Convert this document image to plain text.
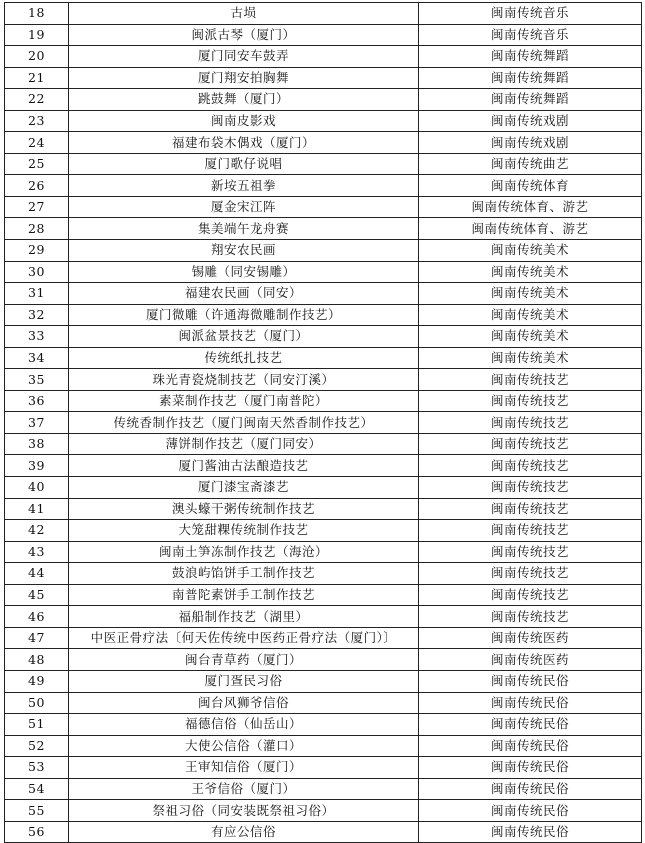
18	古埙	闽南传统音乐
19	闽派古琴（厦门）	闽南传统音乐
20	厦门同安车鼓弄	闽南传统舞蹈
21	厦门翔安拍胸舞	闽南传统舞蹈
22	跳鼓舞（厦门）	闽南传统舞蹈
23	闽南皮影戏	闽南传统戏剧
24	福建布袋木偶戏（厦门）	闽南传统戏剧
25	厦门歌仔说唱	闽南传统曲艺
26	新垵五祖拳	闽南传统体育
27	厦金宋江阵	闽南传统体育、游艺
28	集美端午龙舟赛	闽南传统体育、游艺
29	翔安农民画	闽南传统美术
30	锡雕（同安锡雕）	闽南传统美术
31	福建农民画（同安）	闽南传统美术
32	厦门微雕（许通海微雕制作技艺）	闽南传统美术
33	闽派盆景技艺（厦门）	闽南传统美术
34	传统纸扎技艺	闽南传统美术
35	珠光青瓷烧制技艺（同安汀溪）	闽南传统技艺
36	素菜制作技艺（厦门南普陀）	闽南传统技艺
37	传统香制作技艺（厦门闽南天然香制作技艺）	闽南传统技艺
38	薄饼制作技艺（厦门同安）	闽南传统技艺
39	厦门酱油古法酿造技艺	闽南传统技艺
40	厦门漆宝斋漆艺	闽南传统技艺
41	澳头蠔干粥传统制作技艺	闽南传统技艺
42	大笼甜粿传统制作技艺	闽南传统技艺
43	闽南土笋冻制作技艺（海沧）	闽南传统技艺
44	鼓浪屿馅饼手工制作技艺	闽南传统技艺
45	南普陀素饼手工制作技艺	闽南传统技艺
46	福船制作技艺（湖里）	闽南传统技艺
47	中医正骨疗法〔何天佐传统中医药正骨疗法（厦门）〕	闽南传统医药
48	闽台青草药（厦门）	闽南传统医药
49	厦门疍民习俗	闽南传统民俗
50	闽台风狮爷信俗	闽南传统民俗
51	福德信俗（仙岳山）	闽南传统民俗
52	大使公信俗（灌口）	闽南传统民俗
53	王审知信俗（厦门）	闽南传统民俗
54	王爷信俗（厦门）	闽南传统民俗
55	祭祖习俗（同安装既祭祖习俗）	闽南传统民俗
56	有应公信俗	闽南传统民俗
